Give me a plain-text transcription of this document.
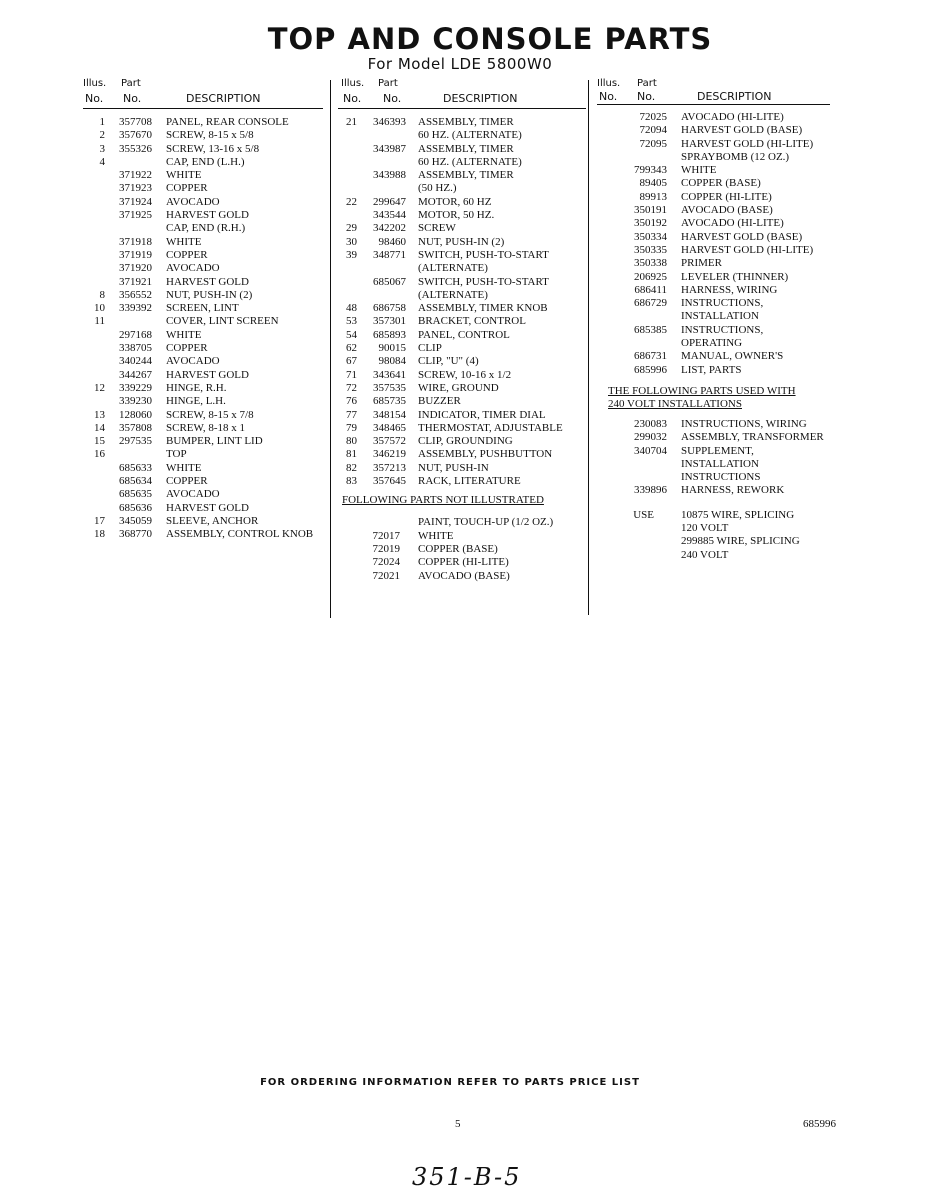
TOP AND CONSOLE PARTS
For Model LDE 5800W0
Illus. Part
No. No.	DESCRIPTION
1	357708 PANEL, REAR CONSOLE
2	357670 SCREW, 8-15 x 5/8
3	355326 SCREW, 13-16 x 5/8
4	CAP, END (L.H.)
371922 WHITE
371923 COPPER
371924 AVOCADO
371925 HARVEST GOLD
CAP, END (R.H.)
371918 WHITE
371919 COPPER
371920 AVOCADO
371921 HARVEST GOLD
8	356552 NUT, PUSH-IN (2)
10	339392 SCREEN, LINT
11	COVER, LINT SCREEN
297168 WHITE
338705 COPPER
340244 AVOCADO
344267 HARVEST GOLD
12	339229 HINGE, R.H.
339230 HINGE, L.H.
13	128060 SCREW, 8-15 x 7/8
14	357808 SCREW, 8-18 x 1
15	297535 BUMPER, LINT LID
16	TOP
685633 WHITE
685634 COPPER
685635 AVOCADO
685636 HARVEST GOLD
17	345059 SLEEVE, ANCHOR
18	368770 ASSEMBLY, CONTROL KNOB
Illus. Part
No. No.	DESCRIPTION
21	346393 ASSEMBLY, TIMER
60 HZ. (ALTERNATE)
343987 ASSEMBLY, TIMER
60 HZ. (ALTERNATE)
343988 ASSEMBLY, TIMER
(50 HZ.)
22	299647 MOTOR, 60 HZ
343544 MOTOR, 50 HZ.
29	342202 SCREW
30	98460 NUT, PUSH-IN (2)
39	348771 SWITCH, PUSH-TO-START
(ALTERNATE)
685067 SWITCH, PUSH-TO-START
(ALTERNATE)
48	686758 ASSEMBLY, TIMER KNOB
53	357301 BRACKET, CONTROL
54	685893 PANEL, CONTROL
62	90015 CLIP
67	98084 CLIP, "U" (4)
71	343641 SCREW, 10-16 x 1/2
72	357535 WIRE, GROUND
76	685735 BUZZER
77	348154 INDICATOR, TIMER DIAL
79	348465 THERMOSTAT, ADJUSTABLE
80	357572 CLIP, GROUNDING
81	346219 ASSEMBLY, PUSHBUTTON
82	357213 NUT, PUSH-IN
83	357645 RACK, LITERATURE
FOLLOWING PARTS NOT ILLUSTRATED
PAINT, TOUCH-UP (1/2 OZ.)
72017 WHITE
72019 COPPER (BASE)
72024 COPPER (HI-LITE)
72021 AVOCADO (BASE)
Illus. Part
No. No.	DESCRIPTION
72025 AVOCADO (HI-LITE)
72094 HARVEST GOLD (BASE)
72095 HARVEST GOLD (HI-LITE)
SPRAYBOMB (12 OZ.)
799343 WHITE
89405 COPPER (BASE)
89913 COPPER (HI-LITE)
350191 AVOCADO (BASE)
350192 AVOCADO (HI-LITE)
350334 HARVEST GOLD (BASE)
350335 HARVEST GOLD (HI-LITE)
350338 PRIMER
206925 LEVELER (THINNER)
686411 HARNESS, WIRING
686729 INSTRUCTIONS,
INSTALLATION
685385 INSTRUCTIONS,
OPERATING
686731 MANUAL, OWNER'S
685996 LIST, PARTS
THE FOLLOWING PARTS USED WITH
240 VOLT INSTALLATIONS
230083 INSTRUCTIONS, WIRING
299032 ASSEMBLY, TRANSFORMER
340704 SUPPLEMENT,
INSTALLATION
INSTRUCTIONS
339896 HARNESS, REWORK
USE 10875 WIRE, SPLICING
120 VOLT
299885 WIRE, SPLICING
240 VOLT
FOR ORDERING INFORMATION REFER TO PARTS PRICE LIST
5	685996
351-B-5
